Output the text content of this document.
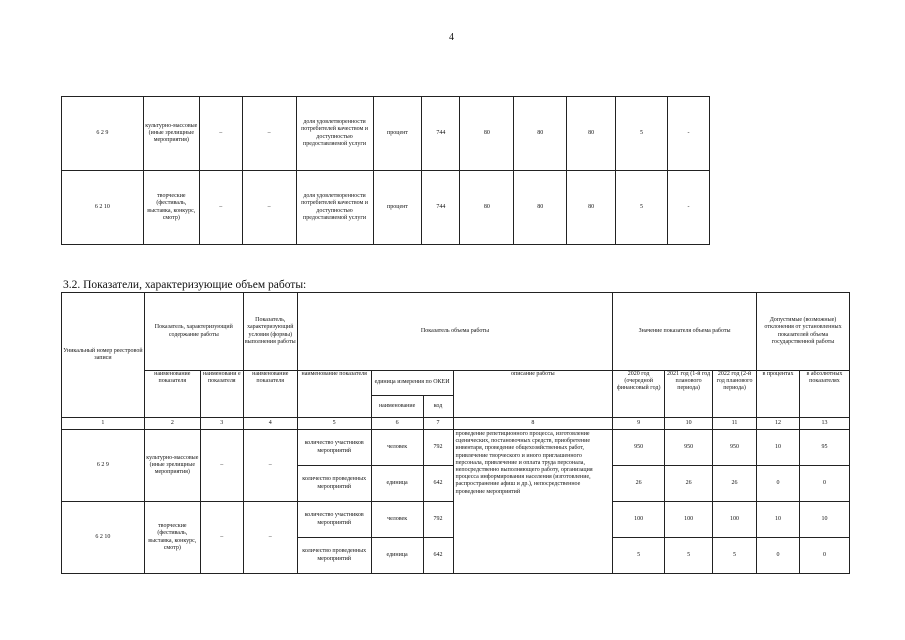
4
6 2 9	культурно-массовые (иные зрелищные мероприятия)	–	–	доля удовлетворенности потребителей качеством и доступностью предоставляемой услуги	процент	744	80	80	80	5	-
6 2 10	творческие (фестиваль, выставка, конкурс, смотр)	–	–	доля удовлетворенности потребителей качеством и доступностью предоставляемой услуги	процент	744	80	80	80	5	-
3.2. Показатели, характеризующие объем работы:
Уникальный номер реестровой записи	Показатель, характеризующий содержание работы		Показатель, характеризующий условия (формы) выполнения работы	Показатель объема работы				Значение показателя объема работы			Допустимые (возможные) отклонения от установленных показателей объема государственной работы	
	наименование показателя	наименовани е показателя	наименование показателя	наименование показателя	единица измерения по ОКЕИ		описание работы	2020 год (очередной финансовый год)	2021 год (1-й год планового периода)	2022 год (2-й год планового периода)	в процентах	в абсолютных показателях
					наименование	код						
1	2	3	4	5	6	7	8	9	10	11	12	13
6 2 9	культурно-массовые (иные зрелищные мероприятия)	–	–	количество участников мероприятий	человек	792	проведение репетиционного процесса, изготовление сценических, постановочных средств, приобретение инвентаря, проведение общехозяйственных работ, привлечение творческого и иного приглашенного персонала, привлечение и оплата труда персонала, непосредственно выполняющего работу, организация процесса информирования населения (изготовление, распространение афиш и др.), непосредственное проведение мероприятий	950	950	950	10	95
				количество проведенных мероприятий	единица	642		26	26	26	0	0
6 2 10	творческие (фестиваль, выставка, конкурс, смотр)	–	–	количество участников мероприятий	человек	792		100	100	100	10	10
				количество проведенных мероприятий	единица	642		5	5	5	0	0
